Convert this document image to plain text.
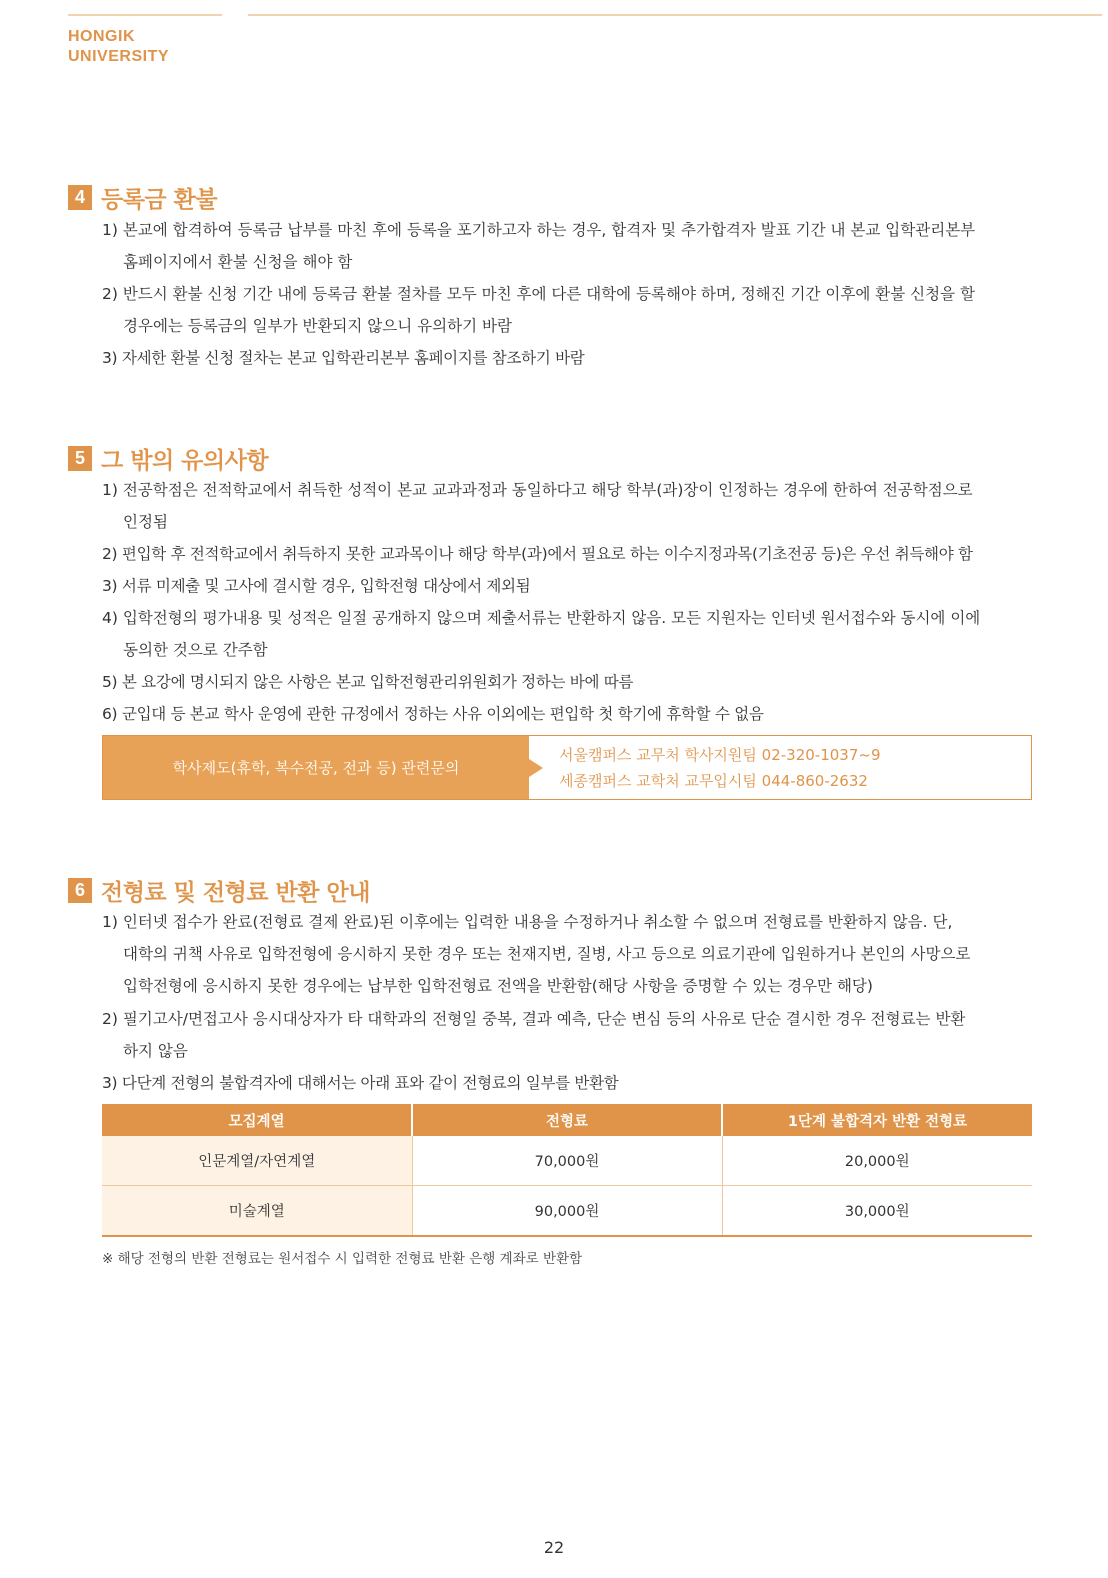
HONGIK
UNIVERSITY
4 등록금 환불
1) 본교에 합격하여 등록금 납부를 마친 후에 등록을 포기하고자 하는 경우, 합격자 및 추가합격자 발표 기간 내 본교 입학관리본부
홈페이지에서 환불 신청을 해야 함
2) 반드시 환불 신청 기간 내에 등록금 환불 절차를 모두 마친 후에 다른 대학에 등록해야 하며, 정해진 기간 이후에 환불 신청을 할
경우에는 등록금의 일부가 반환되지 않으니 유의하기 바람
3) 자세한 환불 신청 절차는 본교 입학관리본부 홈페이지를 참조하기 바람
5 그 밖의 유의사항
1) 전공학점은 전적학교에서 취득한 성적이 본교 교과과정과 동일하다고 해당 학부(과)장이 인정하는 경우에 한하여 전공학점으로
인정됨
2) 편입학 후 전적학교에서 취득하지 못한 교과목이나 해당 학부(과)에서 필요로 하는 이수지정과목(기초전공 등)은 우선 취득해야 함
3) 서류 미제출 및 고사에 결시할 경우, 입학전형 대상에서 제외됨
4) 입학전형의 평가내용 및 성적은 일절 공개하지 않으며 제출서류는 반환하지 않음. 모든 지원자는 인터넷 원서접수와 동시에 이에
동의한 것으로 간주함
5) 본 요강에 명시되지 않은 사항은 본교 입학전형관리위원회가 정하는 바에 따름
6) 군입대 등 본교 학사 운영에 관한 규정에서 정하는 사유 이외에는 편입학 첫 학기에 휴학할 수 없음
학사제도(휴학, 복수전공, 전과 등) 관련문의
서울캠퍼스 교무처 학사지원팀 02-320-1037~9
세종캠퍼스 교학처 교무입시팀 044-860-2632
6 전형료 및 전형료 반환 안내
1) 인터넷 접수가 완료(전형료 결제 완료)된 이후에는 입력한 내용을 수정하거나 취소할 수 없으며 전형료를 반환하지 않음. 단,
대학의 귀책 사유로 입학전형에 응시하지 못한 경우 또는 천재지변, 질병, 사고 등으로 의료기관에 입원하거나 본인의 사망으로
입학전형에 응시하지 못한 경우에는 납부한 입학전형료 전액을 반환함(해당 사항을 증명할 수 있는 경우만 해당)
2) 필기고사/면접고사 응시대상자가 타 대학과의 전형일 중복, 결과 예측, 단순 변심 등의 사유로 단순 결시한 경우 전형료는 반환
하지 않음
3) 다단계 전형의 불합격자에 대해서는 아래 표와 같이 전형료의 일부를 반환함
모집계열	전형료	1단계 불합격자 반환 전형료
인문계열/자연계열	70,000원	20,000원
미술계열	90,000원	30,000원
※ 해당 전형의 반환 전형료는 원서접수 시 입력한 전형료 반환 은행 계좌로 반환함
22
